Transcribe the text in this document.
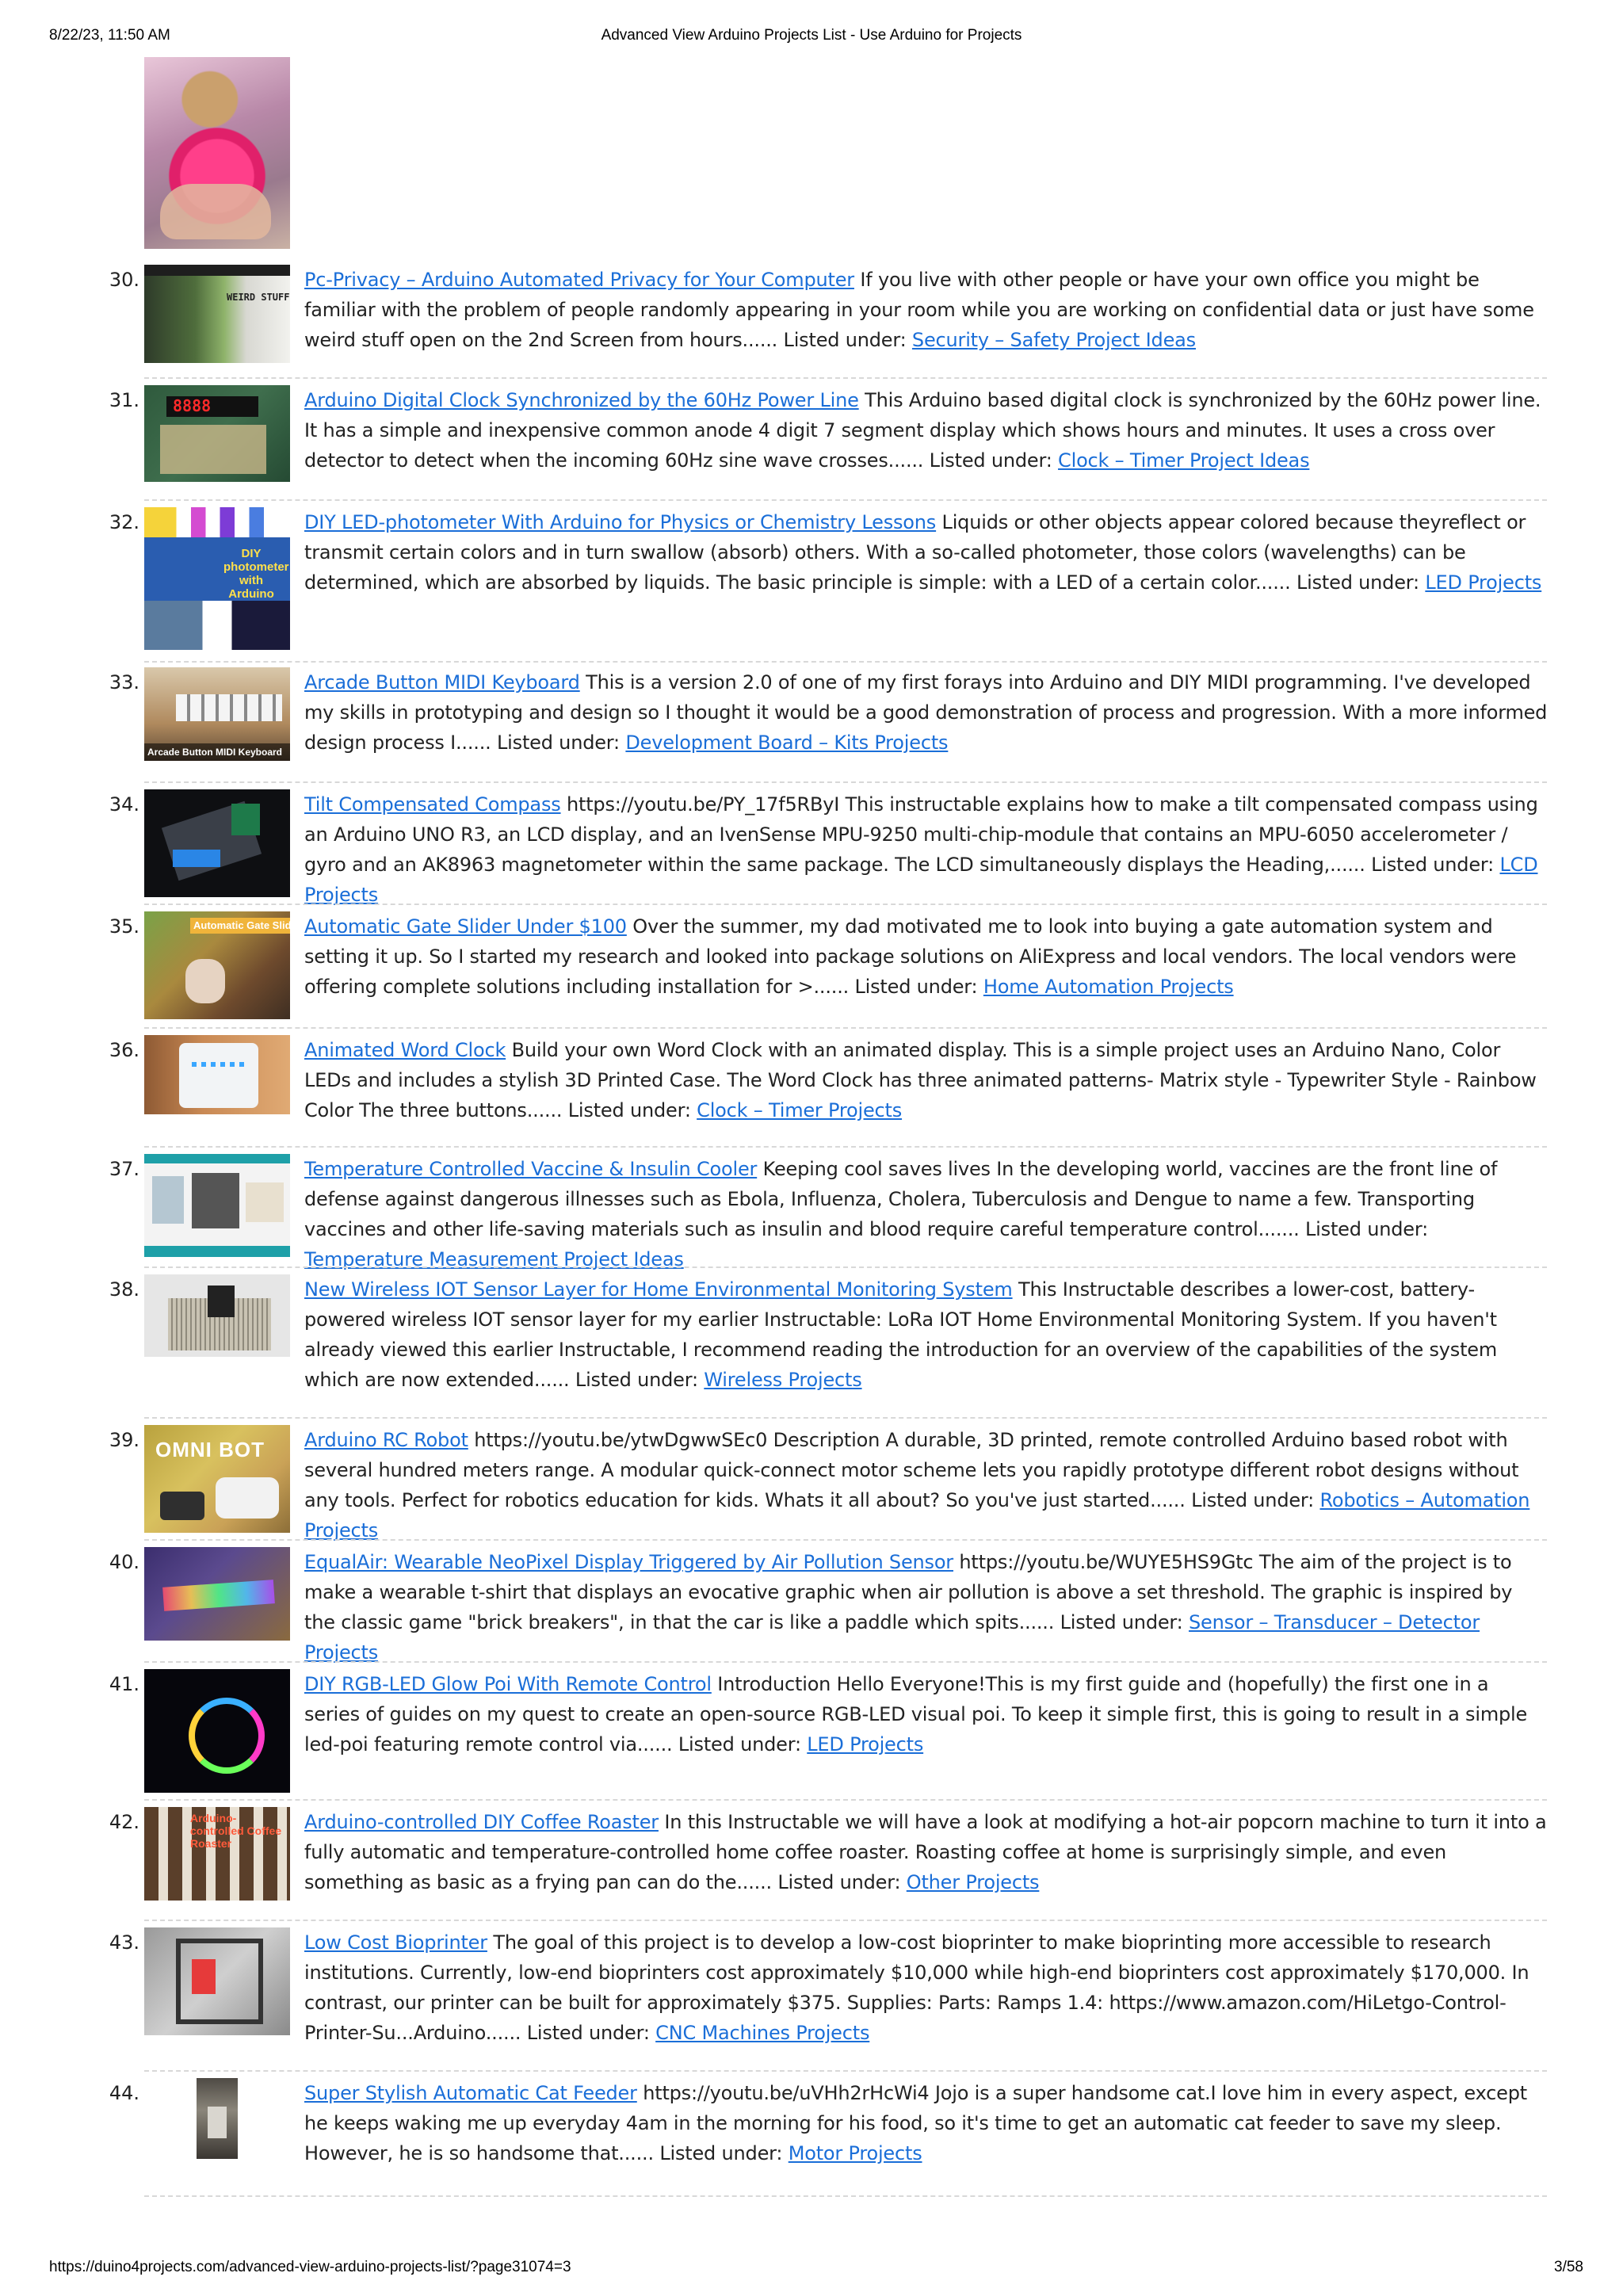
8/22/23, 11:50 AM	Advanced View Arduino Projects List - Use Arduino for Projects
30.
WEIRD STUFF
Pc-Privacy – Arduino Automated Privacy for Your Computer If you live with other people or have your own office you might be familiar with the problem of people randomly appearing in your room while you are working on confidential data or just have some weird stuff open on the 2nd Screen from hours...... Listed under: Security – Safety Project Ideas
31. 8888	Arduino Digital Clock Synchronized by the 60Hz Power Line This Arduino based digital clock is synchronized by the 60Hz power line. It has a simple and inexpensive common anode 4 digit 7 segment display which shows hours and minutes. It uses a cross over detector to detect when the incoming 60Hz sine wave crosses...... Listed under: Clock – Timer Project Ideas
32.
DIY photometer with Arduino
DIY LED-photometer With Arduino for Physics or Chemistry Lessons Liquids or other objects appear colored because theyreflect or transmit certain colors and in turn swallow (absorb) others. With a so-called photometer, those colors (wavelengths) can be determined, which are absorbed by liquids. The basic principle is simple: with a LED of a certain color...... Listed under: LED Projects
33.
Arcade Button MIDI Keyboard
Arcade Button MIDI Keyboard This is a version 2.0 of one of my first forays into Arduino and DIY MIDI programming. I've developed my skills in prototyping and design so I thought it would be a good demonstration of process and progression. With a more informed design process I...... Listed under: Development Board – Kits Projects
34.	Tilt Compensated Compass https://youtu.be/PY_17f5RByI This instructable explains how to make a tilt compensated compass using an Arduino UNO R3, an LCD display, and an IvenSense MPU-9250 multi-chip-module that contains an MPU-6050 accelerometer / gyro and an AK8963 magnetometer within the same package. The LCD simultaneously displays the Heading,...... Listed under: LCD Projects
35.	Automatic Gate Slider Automatic Gate Slider Under $100 Over the summer, my dad motivated me to look into buying a gate automation system and setting it up. So I started my research and looked into package solutions on AliExpress and local vendors. The local vendors were offering complete solutions including installation for >...... Listed under: Home Automation Projects
36.	Animated Word Clock Build your own Word Clock with an animated display. This is a simple project uses an Arduino Nano, Color LEDs and includes a stylish 3D Printed Case. The Word Clock has three animated patterns- Matrix style - Typewriter Style - Rainbow Color The three buttons...... Listed under: Clock – Timer Projects
37.	Temperature Controlled Vaccine & Insulin Cooler Keeping cool saves lives In the developing world, vaccines are the front line of defense against dangerous illnesses such as Ebola, Influenza, Cholera, Tuberculosis and Dengue to name a few. Transporting vaccines and other life-saving materials such as insulin and blood require careful temperature control....... Listed under: Temperature Measurement Project Ideas
38.	New Wireless IOT Sensor Layer for Home Environmental Monitoring System This Instructable describes a lower-cost, battery-powered wireless IOT sensor layer for my earlier Instructable: LoRa IOT Home Environmental Monitoring System. If you haven't already viewed this earlier Instructable, I recommend reading the introduction for an overview of the capabilities of the system which are now extended...... Listed under: Wireless Projects
39. OMNI BOT Arduino RC Robot https://youtu.be/ytwDgwwSEc0 Description A durable, 3D printed, remote controlled Arduino based robot with several hundred meters range. A modular quick-connect motor scheme lets you rapidly prototype different robot designs without any tools. Perfect for robotics education for kids. Whats it all about? So you've just started...... Listed under: Robotics – Automation Projects
40.	EqualAir: Wearable NeoPixel Display Triggered by Air Pollution Sensor https://youtu.be/WUYE5HS9Gtc The aim of the project is to make a wearable t-shirt that displays an evocative graphic when air pollution is above a set threshold. The graphic is inspired by the classic game "brick breakers", in that the car is like a paddle which spits...... Listed under: Sensor – Transducer – Detector Projects
41.	DIY RGB-LED Glow Poi With Remote Control Introduction Hello Everyone!This is my first guide and (hopefully) the first one in a series of guides on my quest to create an open-source RGB-LED visual poi. To keep it simple first, this is going to result in a simple led-poi featuring remote control via...... Listed under: LED Projects
42.	Arduino-controlled Coffee Roaster
Arduino-controlled DIY Coffee Roaster In this Instructable we will have a look at modifying a hot-air popcorn machine to turn it into a fully automatic and temperature-controlled home coffee roaster. Roasting coffee at home is surprisingly simple, and even something as basic as a frying pan can do the...... Listed under: Other Projects
43.	Low Cost Bioprinter The goal of this project is to develop a low-cost bioprinter to make bioprinting more accessible to research institutions. Currently, low-end bioprinters cost approximately $10,000 while high-end bioprinters cost approximately $170,000. In contrast, our printer can be built for approximately $375. Supplies: Parts: Ramps 1.4: https://www.amazon.com/HiLetgo-Control-Printer-Su...Arduino...... Listed under: CNC Machines Projects
44.	Super Stylish Automatic Cat Feeder https://youtu.be/uVHh2rHcWi4 Jojo is a super handsome cat.I love him in every aspect, except he keeps waking me up everyday 4am in the morning for his food, so it's time to get an automatic cat feeder to save my sleep. However, he is so handsome that...... Listed under: Motor Projects
https://duino4projects.com/advanced-view-arduino-projects-list/?page31074=3	3/58
